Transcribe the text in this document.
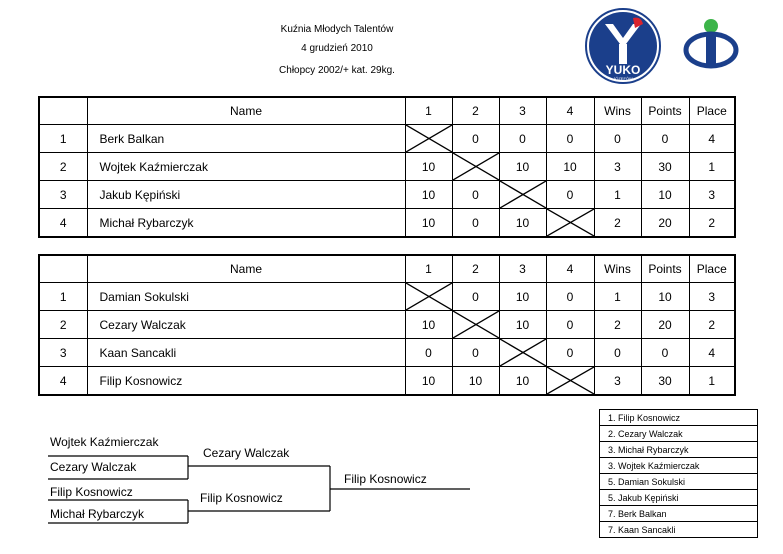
Kuźnia Młodych Talentów
4 grudzień 2010
Chłopcy 2002/+ kat. 29kg.	YUKO
JÓZEFÓW
	Name	1	2	3	4	Wins	Points	Place
1	Berk Balkan		0	0	0	0	0	4
2	Wojtek Kaźmierczak	10		10	10	3	30	1
3	Jakub Kępiński	10	0		0	1	10	3
4	Michał Rybarczyk	10	0	10		2	20	2
	Name	1	2	3	4	Wins	Points	Place
1	Damian Sokulski		0	10	0	1	10	3
2	Cezary Walczak	10		10	0	2	20	2
3	Kaan Sancakli	0	0		0	0	0	4
4	Filip Kosnowicz	10	10	10		3	30	1
Wojtek Kaźmierczak
Cezary Walczak
Filip Kosnowicz
Michał Rybarczyk
Cezary Walczak
Filip Kosnowicz
Filip Kosnowicz
1. Filip Kosnowicz
2. Cezary Walczak
3. Michał Rybarczyk
3. Wojtek Kaźmierczak
5. Damian Sokulski
5. Jakub Kępiński
7. Berk Balkan
7. Kaan Sancakli
